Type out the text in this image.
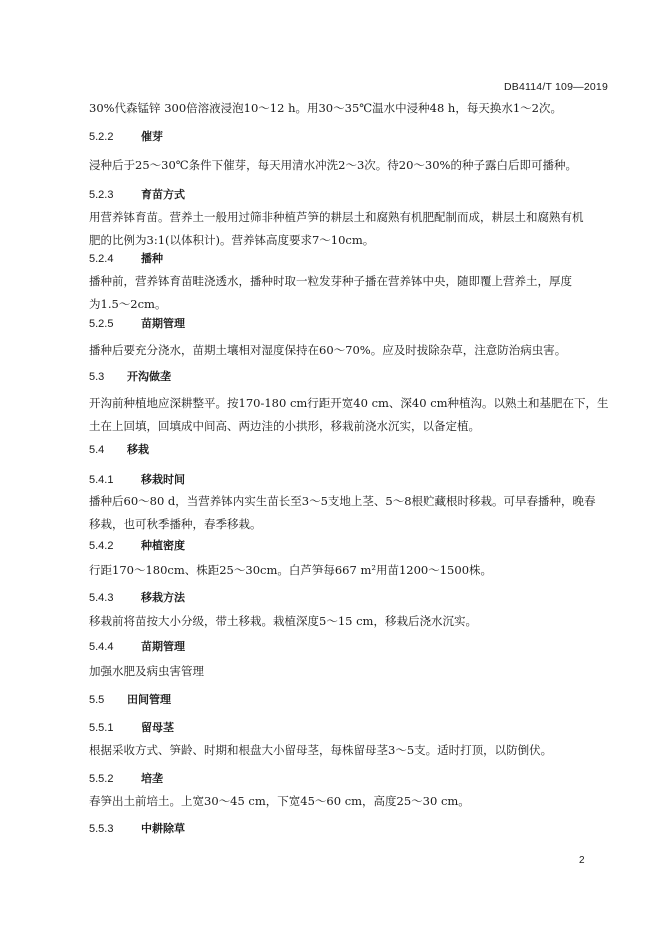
DB4114/T 109—2019
30%代森锰锌 300倍溶液浸泡10～12 h。用30～35℃温水中浸种48 h，每天换水1～2次。
5.2.2	催芽
浸种后于25～30℃条件下催芽，每天用清水冲洗2～3次。待20～30%的种子露白后即可播种。
5.2.3	育苗方式
用营养钵育苗。营养土一般用过筛非种植芦笋的耕层土和腐熟有机肥配制而成，耕层土和腐熟有机
肥的比例为3:1(以体积计)。营养钵高度要求7～10cm。
5.2.4	播种
播种前，营养钵育苗畦浇透水，播种时取一粒发芽种子播在营养钵中央，随即覆上营养土，厚度
为1.5～2cm。
5.2.5	苗期管理
播种后要充分浇水，苗期土壤相对湿度保持在60～70%。应及时拔除杂草，注意防治病虫害。
5.3 开沟做垄
开沟前种植地应深耕整平。按170-180 cm行距开宽40 cm、深40 cm种植沟。以熟土和基肥在下，生
土在上回填，回填成中间高、两边洼的小拱形，移栽前浇水沉实，以备定植。
5.4 移栽
5.4.1	移栽时间
播种后60～80 d，当营养钵内实生苗长至3～5支地上茎、5～8根贮藏根时移栽。可早春播种，晚春
移栽，也可秋季播种，春季移栽。
5.4.2	种植密度
行距170～180cm、株距25～30cm。白芦笋每667 m²用苗1200～1500株。
5.4.3	移栽方法
移栽前将苗按大小分级，带土移栽。栽植深度5～15 cm，移栽后浇水沉实。
5.4.4	苗期管理
加强水肥及病虫害管理
5.5 田间管理
5.5.1	留母茎
根据采收方式、笋龄、时期和根盘大小留母茎，每株留母茎3～5支。适时打顶，以防倒伏。
5.5.2	培垄
春笋出土前培土。上宽30～45 cm，下宽45～60 cm，高度25～30 cm。
5.5.3	中耕除草
2
